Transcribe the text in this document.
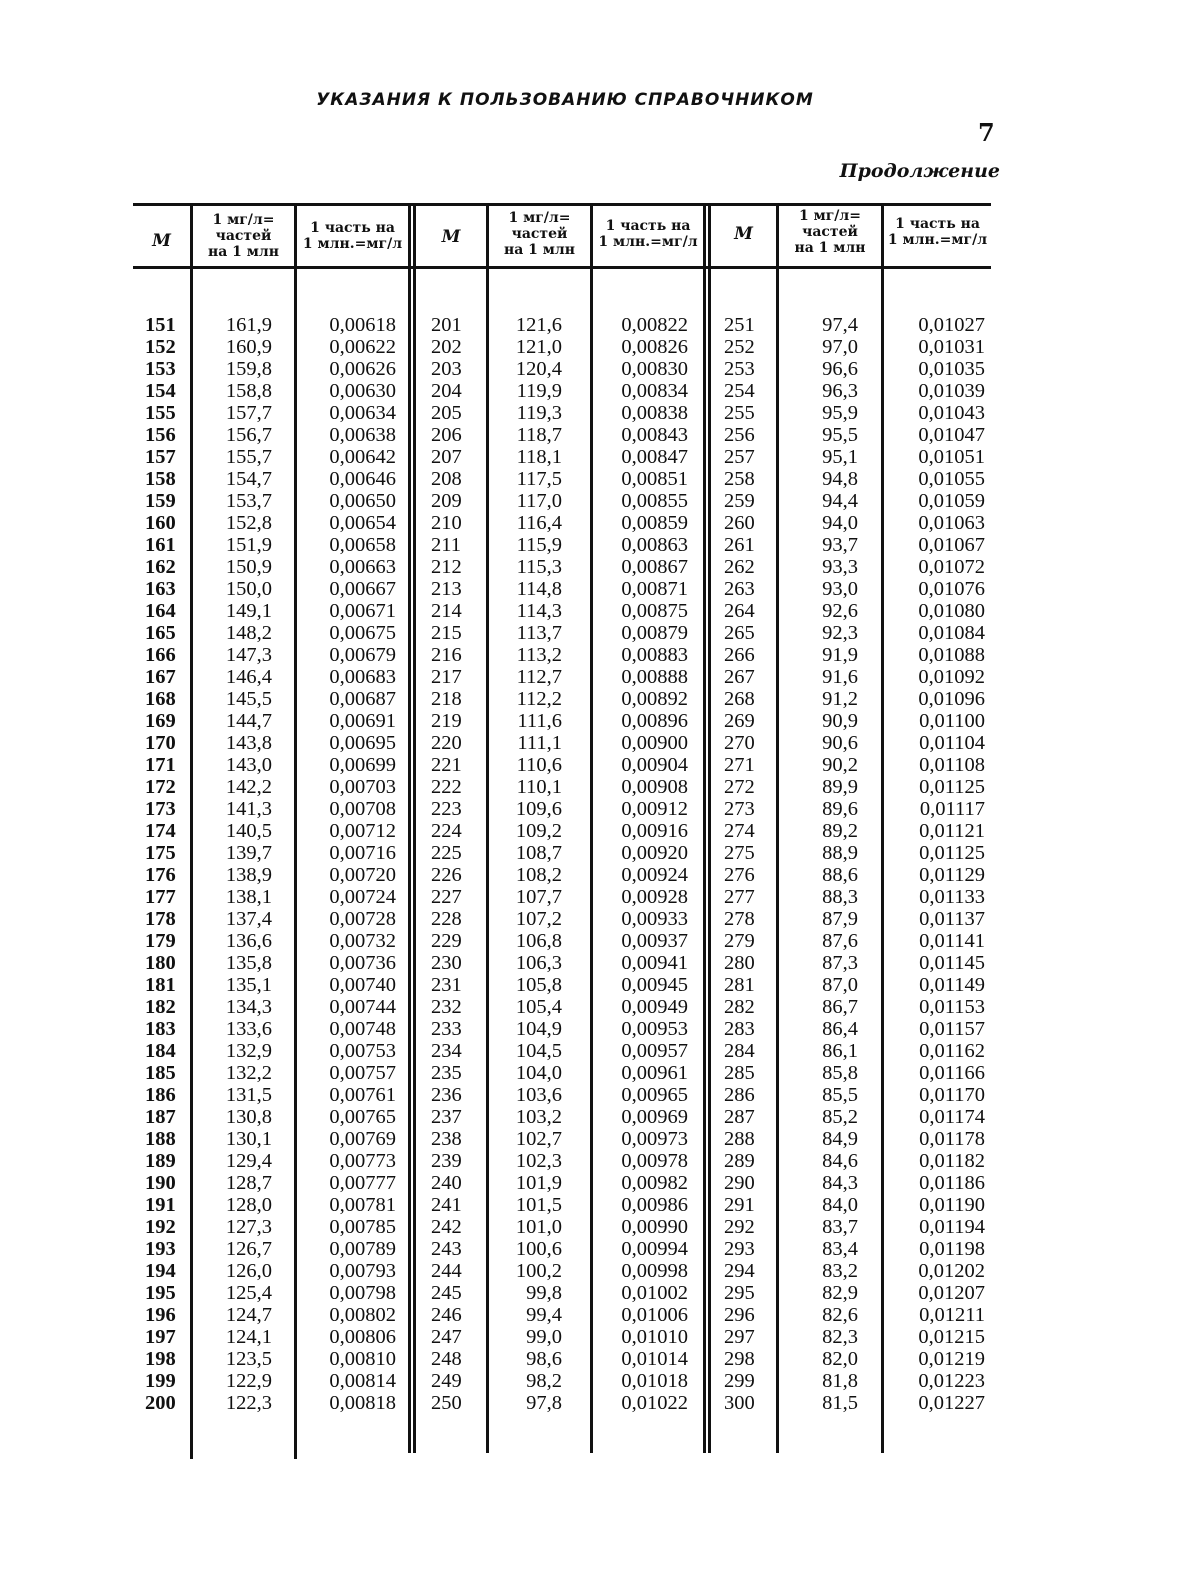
УКАЗАНИЯ К ПОЛЬЗОВАНИЮ СПРАВОЧНИКОМ
7
Продолжение
М
1 мг/л=
частей
на 1 млн
1 часть на
1 млн.=мг/л	М
1 мг/л=
частей
на 1 млн
1 часть на
1 млн.=мг/л	М
1 мг/л=
частей
на 1 млн
1 часть на
1 млн.=мг/л
151
152
153
154
155
156
157
158
159
160
161
162
163
164
165
166
167
168
169
170
171
172
173
174
175
176
177
178
179
180
181
182
183
184
185
186
187
188
189
190
191
192
193
194
195
196
197
198
199
200
161,9
160,9
159,8
158,8
157,7
156,7
155,7
154,7
153,7
152,8
151,9
150,9
150,0
149,1
148,2
147,3
146,4
145,5
144,7
143,8
143,0
142,2
141,3
140,5
139,7
138,9
138,1
137,4
136,6
135,8
135,1
134,3
133,6
132,9
132,2
131,5
130,8
130,1
129,4
128,7
128,0
127,3
126,7
126,0
125,4
124,7
124,1
123,5
122,9
122,3
0,00618
0,00622
0,00626
0,00630
0,00634
0,00638
0,00642
0,00646
0,00650
0,00654
0,00658
0,00663
0,00667
0,00671
0,00675
0,00679
0,00683
0,00687
0,00691
0,00695
0,00699
0,00703
0,00708
0,00712
0,00716
0,00720
0,00724
0,00728
0,00732
0,00736
0,00740
0,00744
0,00748
0,00753
0,00757
0,00761
0,00765
0,00769
0,00773
0,00777
0,00781
0,00785
0,00789
0,00793
0,00798
0,00802
0,00806
0,00810
0,00814
0,00818
201
202
203
204
205
206
207
208
209
210
211
212
213
214
215
216
217
218
219
220
221
222
223
224
225
226
227
228
229
230
231
232
233
234
235
236
237
238
239
240
241
242
243
244
245
246
247
248
249
250
121,6
121,0
120,4
119,9
119,3
118,7
118,1
117,5
117,0
116,4
115,9
115,3
114,8
114,3
113,7
113,2
112,7
112,2
111,6
111,1
110,6
110,1
109,6
109,2
108,7
108,2
107,7
107,2
106,8
106,3
105,8
105,4
104,9
104,5
104,0
103,6
103,2
102,7
102,3
101,9
101,5
101,0
100,6
100,2
99,8
99,4
99,0
98,6
98,2
97,8
0,00822
0,00826
0,00830
0,00834
0,00838
0,00843
0,00847
0,00851
0,00855
0,00859
0,00863
0,00867
0,00871
0,00875
0,00879
0,00883
0,00888
0,00892
0,00896
0,00900
0,00904
0,00908
0,00912
0,00916
0,00920
0,00924
0,00928
0,00933
0,00937
0,00941
0,00945
0,00949
0,00953
0,00957
0,00961
0,00965
0,00969
0,00973
0,00978
0,00982
0,00986
0,00990
0,00994
0,00998
0,01002
0,01006
0,01010
0,01014
0,01018
0,01022
251
252
253
254
255
256
257
258
259
260
261
262
263
264
265
266
267
268
269
270
271
272
273
274
275
276
277
278
279
280
281
282
283
284
285
286
287
288
289
290
291
292
293
294
295
296
297
298
299
300
97,4
97,0
96,6
96,3
95,9
95,5
95,1
94,8
94,4
94,0
93,7
93,3
93,0
92,6
92,3
91,9
91,6
91,2
90,9
90,6
90,2
89,9
89,6
89,2
88,9
88,6
88,3
87,9
87,6
87,3
87,0
86,7
86,4
86,1
85,8
85,5
85,2
84,9
84,6
84,3
84,0
83,7
83,4
83,2
82,9
82,6
82,3
82,0
81,8
81,5
0,01027
0,01031
0,01035
0,01039
0,01043
0,01047
0,01051
0,01055
0,01059
0,01063
0,01067
0,01072
0,01076
0,01080
0,01084
0,01088
0,01092
0,01096
0,01100
0,01104
0,01108
0,01125
0,01117
0,01121
0,01125
0,01129
0,01133
0,01137
0,01141
0,01145
0,01149
0,01153
0,01157
0,01162
0,01166
0,01170
0,01174
0,01178
0,01182
0,01186
0,01190
0,01194
0,01198
0,01202
0,01207
0,01211
0,01215
0,01219
0,01223
0,01227
